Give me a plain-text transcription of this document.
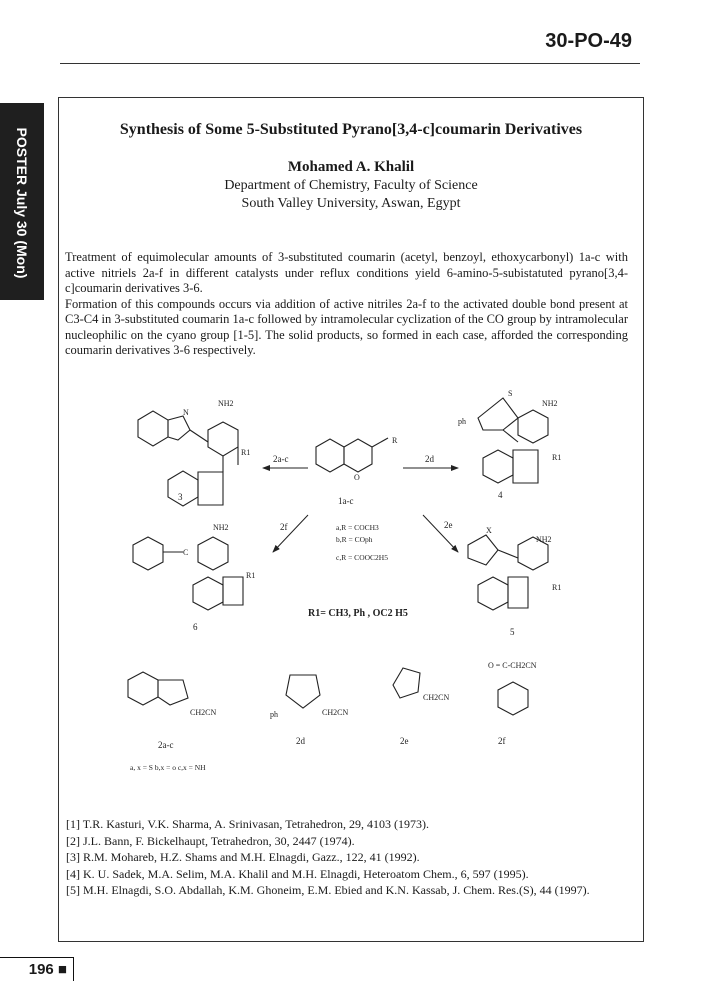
30-PO-49
POSTER July 30 (Mon)	Synthesis of Some 5-Substituted Pyrano[3,4-c]coumarin Derivatives
Mohamed A. Khalil
Department of Chemistry, Faculty of Science
South Valley University, Aswan, Egypt

Treatment of equimolecular amounts of 3-substituted coumarin (acetyl, benzoyl, ethoxycarbonyl) 1a-c with active nitriels 2a-f in different catalysts under reflux conditions yield 6-amino-5-subistatuted pyrano[3,4-c]coumarin derivatives 3-6.

Formation of this compounds occurs via addition of active nitriles 2a-f to the activated double bond present at C3-C4 in 3-substituted coumarin 1a-c followed by intramolecular cyclization of the CO group by intramolecular nucleophilic on the cyano group [1-5]. The solid products, so formed in each case, afforded the corresponding coumarin derivatives 3-6 respectively.

3	1a-c
4
6	5
2a-c	2d	2e	2f
2a-c	2d
2f	2e
NH2
R1
N
R
O
NH2
S
ph
R1
NH2
C
R1
NH2
X
R1
CH2CN	CH2CN
ph
CH2CN
O = C-CH2CN
a,R = COCH3
b,R = COph
c,R = COOC2H5
a, x = S b,x = o c,x = NH
R1= CH3, Ph , OC2 H5
[1] T.R. Kasturi, V.K. Sharma, A. Srinivasan, Tetrahedron, 29, 4103 (1973).
[2] J.L. Bann, F. Bickelhaupt, Tetrahedron, 30, 2447 (1974).
[3] R.M. Mohareb, H.Z. Shams and M.H. Elnagdi, Gazz., 122, 41 (1992).
[4] K. U. Sadek, M.A. Selim, M.A. Khalil and M.H. Elnagdi, Heteroatom Chem., 6, 597 (1995).
[5] M.H. Elnagdi, S.O. Abdallah, K.M. Ghoneim, E.M. Ebied and K.N. Kassab, J. Chem. Res.(S), 44 (1997).
196 ■
